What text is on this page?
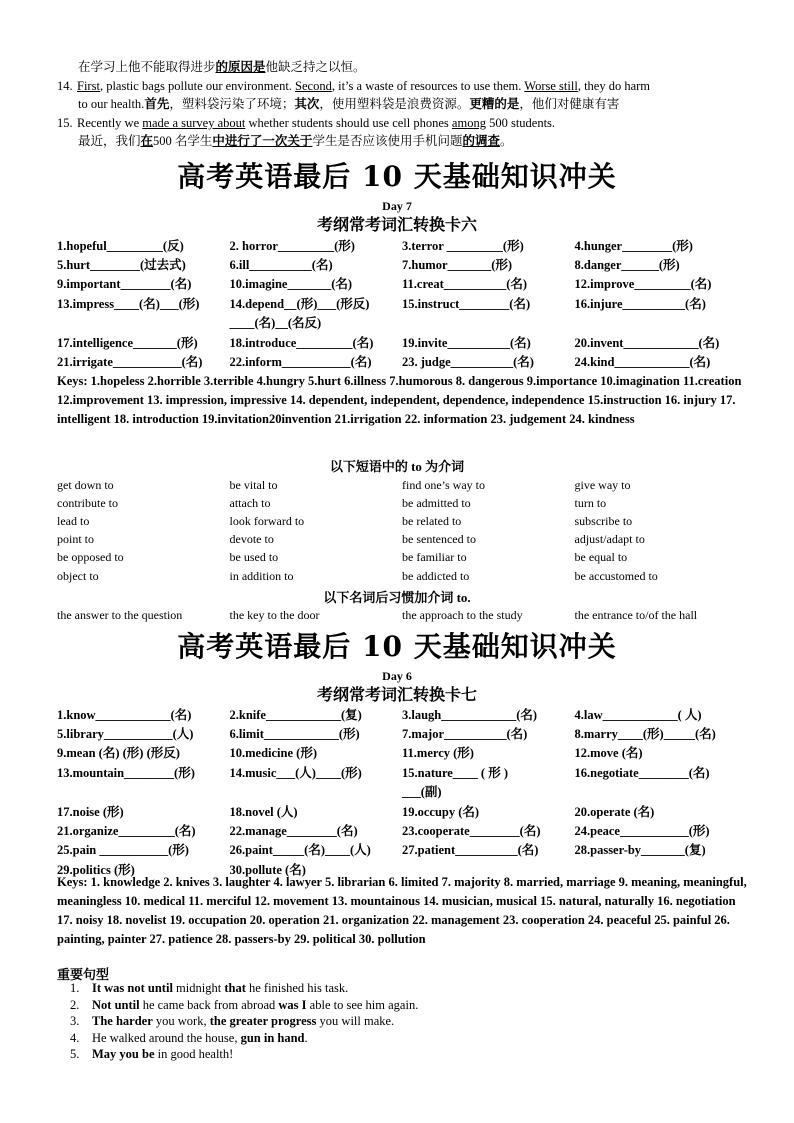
在学习上他不能取得进步的原因是他缺乏持之以恒。
14. First, plastic bags pollute our environment. Second, it’s a waste of resources to use them. Worse still, they do harm
to our health.首先，塑料袋污染了环境；其次，使用塑料袋是浪费资源。更糟的是，他们对健康有害
15. Recently we made a survey about whether students should use cell phones among 500 students.
最近，我们在500 名学生中进行了一次关于学生是否应该使用手机问题的调查。
高考英语最后 10 天基础知识冲关
Day 7
考纲常考词汇转换卡六
1.hopeful_________(反)	2. horror_________(形)	3.terror _________(形)	4.hunger________(形)
5.hurt________(过去式)	6.ill__________(名)	7.humor_______(形)	8.danger______(形)
9.important________(名)	10.imagine_______(名)	11.creat__________(名)	12.improve_________(名)
13.impress____(名)___(形)	14.depend__(形)___(形反)	15.instruct________(名)	16.injure__________(名)
____(名)__(名反)
17.intelligence_______(形)	18.introduce_________(名)	19.invite__________(名)	20.invent____________(名)
21.irrigate___________(名)	22.inform___________(名)	23. judge__________(名)	24.kind____________(名)
Keys: 1.hopeless 2.horrible 3.terrible 4.hungry 5.hurt 6.illness 7.humorous 8. dangerous 9.importance 10.imagination 11.creation 12.improvement 13. impression, impressive 14. dependent, independent, dependence, independence 15.instruction 16. injury 17. intelligent 18. introduction 19.invitation20invention 21.irrigation 22. information 23. judgement 24. kindness
以下短语中的 to 为介词
get down to	be vital to	find one’s way to	give way to
contribute to	attach to	be admitted to	turn to
lead to	look forward to	be related to	subscribe to
point to	devote to	be sentenced to	adjust/adapt to
be opposed to	be used to	be familiar to	be equal to
object to	in addition to	be addicted to	be accustomed to
以下名词后习惯加介词 to.
the answer to the question	the key to the door	the approach to the study	the entrance to/of the hall
高考英语最后 10 天基础知识冲关
Day 6
考纲常考词汇转换卡七
1.know____________(名)	2.knife____________(复)	3.laugh____________(名)	4.law____________( 人)
5.library___________(人)	6.limit____________(形)	7.major__________(名)	8.marry____(形)_____(名)
9.mean (名) (形) (形反)	10.medicine (形)	11.mercy (形)	12.move (名)
13.mountain________(形)	14.music___(人)____(形)	15.nature____ ( 形 )	16.negotiate________(名)
___(副)
17.noise (形)	18.novel (人)	19.occupy (名)	20.operate (名)
21.organize_________(名)	22.manage________(名)	23.cooperate________(名)	24.peace___________(形)
25.pain ___________(形)	26.paint_____(名)____(人)	27.patient__________(名)	28.passer-by_______(复)
29.politics (形)	30.pollute (名)
Keys: 1. knowledge 2. knives 3. laughter 4. lawyer 5. librarian 6. limited 7. majority 8. married, marriage 9. meaning, meaningful, meaningless 10. medical 11. merciful 12. movement 13. mountainous 14. musician, musical 15. natural, naturally 16. negotiation 17. noisy 18. novelist 19. occupation 20. operation 21. organization 22. management 23. cooperation 24. peaceful 25. painful 26. painting, painter 27. patience 28. passers-by 29. political 30. pollution
重要句型
1. It was not until midnight that he finished his task.
2. Not until he came back from abroad was I able to see him again.
3. The harder you work, the greater progress you will make.
4. He walked around the house, gun in hand.
5. May you be in good health!
